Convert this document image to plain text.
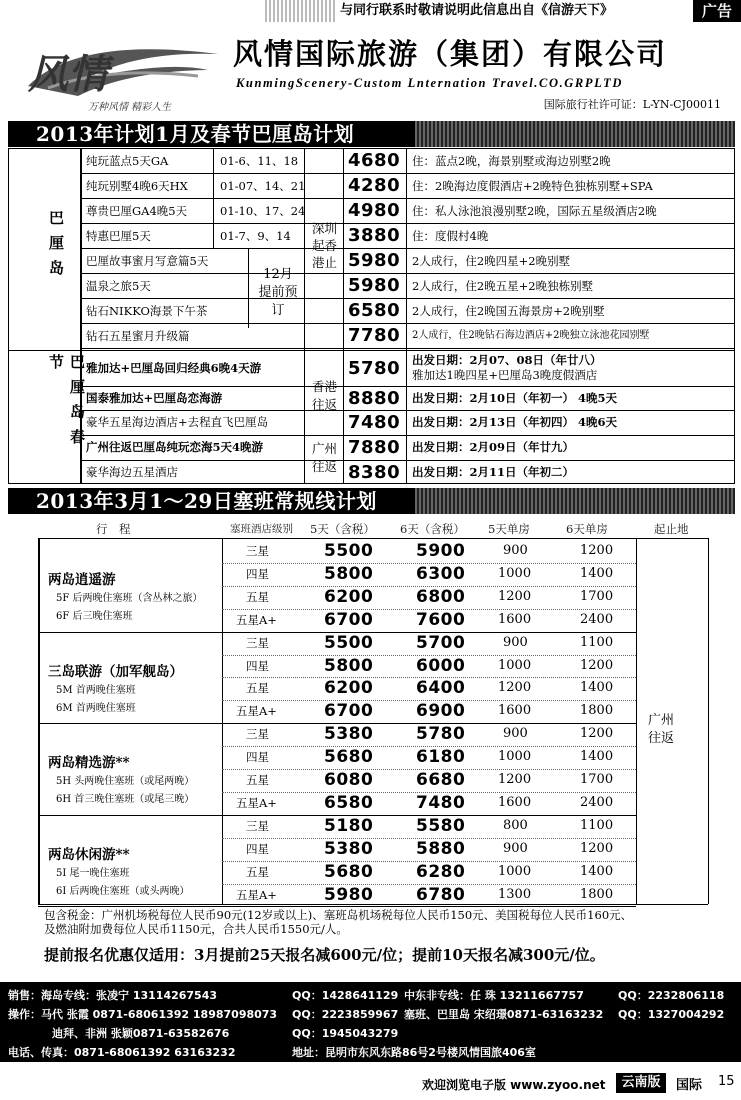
与同行联系时敬请说明此信息出自《信游天下》	广告
风情
万种风情 精彩人生
风情国际旅游（集团）有限公司
KunmingScenery-Custom Lnternation Travel.CO.GRPLTD
国际旅行社许可证：L-YN-CJ00011
2013年计划1月及春节巴厘岛计划
巴厘岛
巴厘岛春节
深圳起香港止
12月提前预订
香港往返
广州往返
纯玩蓝点5天GA	01-6、11、18	4680 住：蓝点2晚，海景别墅或海边别墅2晚
纯玩别墅4晚6天HX	01-07、14、21 4280 住：2晚海边度假酒店+2晚特色独栋别墅+SPA
尊贵巴厘GA4晚5天	01-10、17、24 4980 住：私人泳池浪漫别墅2晚，国际五星级酒店2晚
特惠巴厘5天	01-7、9、14	3880 住：度假村4晚
巴厘故事蜜月写意篇5天	5980 2人成行，住2晚四星+2晚别墅
温泉之旅5天	5980 2人成行，住2晚五星+2晚独栋别墅
钻石NIKKO海景下午茶	6580 2人成行，住2晚国五海景房+2晚别墅
钻石五星蜜月升级篇	7780 2人成行，住2晚钻石海边酒店+2晚独立泳池花园别墅
雅加达+巴厘岛回归经典6晚4天游	5780 出发日期：2月07、08日（年廿八）
雅加达1晚四星+巴厘岛3晚度假酒店
国泰雅加达+巴厘岛恋海游	8880 出发日期：2月10日（年初一） 4晚5天
豪华五星海边酒店+去程直飞巴厘岛	7480 出发日期：2月13日（年初四） 4晚6天
广州往返巴厘岛纯玩恋海5天4晚游	7880 出发日期：2月09日（年廿九）
豪华海边五星酒店	8380 出发日期：2月11日（年初二）
2013年3月1～29日塞班常规线计划
行　程	塞班酒店级别 5天（含税） 6天（含税） 5天单房	6天单房	起止地
两岛逍遥游
5F 后两晚住塞班（含丛林之旅）
6F 后三晚住塞班
三星	5500	5900	900	1200
四星	5800	6300	1000	1400
五星	6200	6800	1200	1700
五星A+	6700	7600	1600	2400
三岛联游（加军舰岛）
5M 首两晚住塞班
6M 首两晚住塞班
三星	5500	5700	900	1100
四星	5800	6000	1000	1200
五星	6200	6400	1200	1400
五星A+	6700	6900	1600	1800
两岛精选游**
5H 头两晚住塞班（或尾两晚）
6H 首三晚住塞班（或尾三晚）
三星	5380	5780	900	1200
四星	5680	6180	1000	1400
五星	6080	6680	1200	1700
五星A+	6580	7480	1600	2400
两岛休闲游**
5I 尾一晚住塞班
6I 后两晚住塞班（或头两晚）
三星	5180	5580	800	1100
四星	5380	5880	900	1200
五星	5680	6280	1000	1400
五星A+	5980	6780	1300	1800
广州往返
包含税金：广州机场税每位人民币90元(12岁或以上)、塞班岛机场税每位人民币150元、美国税每位人民币160元、
及燃油附加费每位人民币1150元，合共人民币1550元/人。
提前报名优惠仅适用：3月提前25天报名减600元/位；提前10天报名减300元/位。
销售：海岛专线：张凌宁 13114267543	QQ：1428641129 中东非专线：任 珠 13211667757	QQ：2232806118
操作：马代 张霞 0871-68061392 18987098073 QQ：2223859967 塞班、巴里岛 宋绍璟0871-63163232 QQ：1327004292
迪拜、非洲 张颖0871-63582676	QQ：1945043279
电话、传真：0871-68061392 63163232	地址：昆明市东风东路86号2号楼风情国旅406室
欢迎浏览电子版 www.zyoo.net	云南版	国际 15
